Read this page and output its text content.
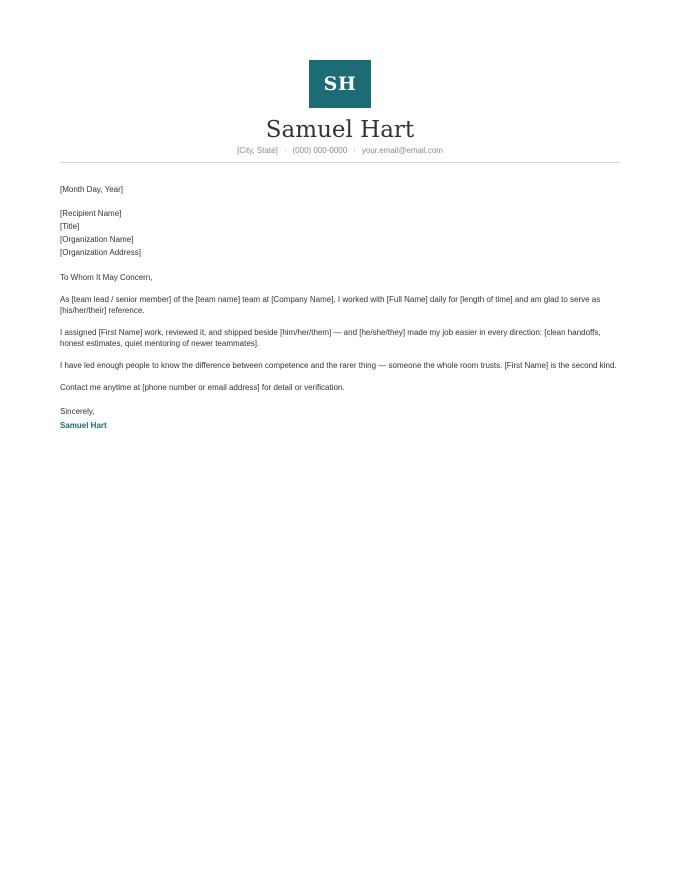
SH
Samuel Hart
[City, State] · (000) 000-0000 · your.email@email.com

[Month Day, Year]

[Recipient Name]
[Title]
[Organization Name]
[Organization Address]

To Whom It May Concern,

As [team lead / senior member] of the [team name] team at [Company Name], I worked with [Full Name] daily for [length of time] and am glad to serve as [his/her/their] reference.

I assigned [First Name] work, reviewed it, and shipped beside [him/her/them] — and [he/she/they] made my job easier in every direction: [clean handoffs, honest estimates, quiet mentoring of newer teammates].

I have led enough people to know the difference between competence and the rarer thing — someone the whole room trusts. [First Name] is the second kind.

Contact me anytime at [phone number or email address] for detail or verification.

Sincerely,

Samuel Hart
